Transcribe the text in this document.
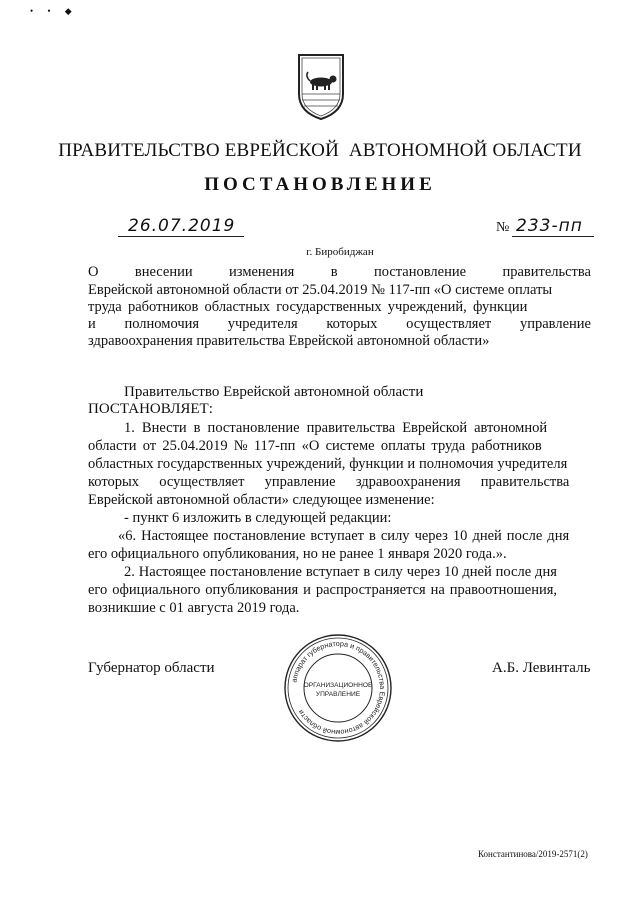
• • ◆
ПРАВИТЕЛЬСТВО ЕВРЕЙСКОЙ  АВТОНОМНОЙ ОБЛАСТИ
ПОСТАНОВЛЕНИЕ
26.07.2019	№ 233-пп
г. Биробиджан
О	внесении	изменения	в	постановление	правительства
Еврейской автономной области от 25.04.2019 № 117-пп «О системе оплаты
труда работников областных государственных учреждений, функции
и полномочия учредителя которых осуществляет управление
здравоохранения правительства Еврейской автономной области»
Правительство Еврейской автономной области
ПОСТАНОВЛЯЕТ:
1. Внести в постановление правительства Еврейской автономной
области от 25.04.2019 № 117-пп «О системе оплаты труда работников
областных государственных учреждений, функции и полномочия учредителя
которых осуществляет управление здравоохранения правительства
Еврейской автономной области» следующее изменение:
- пункт 6 изложить в следующей редакции:
«6. Настоящее постановление вступает в силу через 10 дней после дня
его официального опубликования, но не ранее 1 января 2020 года.».
2. Настоящее постановление вступает в силу через 10 дней после дня
его официального опубликования и распространяется на правоотношения,
возникшие с 01 августа 2019 года.
Губернатор области	А.Б. Левинталь
аппарат губернатора и правительства Еврейской автономной области
ОРГАНИЗАЦИОННОЕ
УПРАВЛЕНИЕ
Константинова/2019-2571(2)
